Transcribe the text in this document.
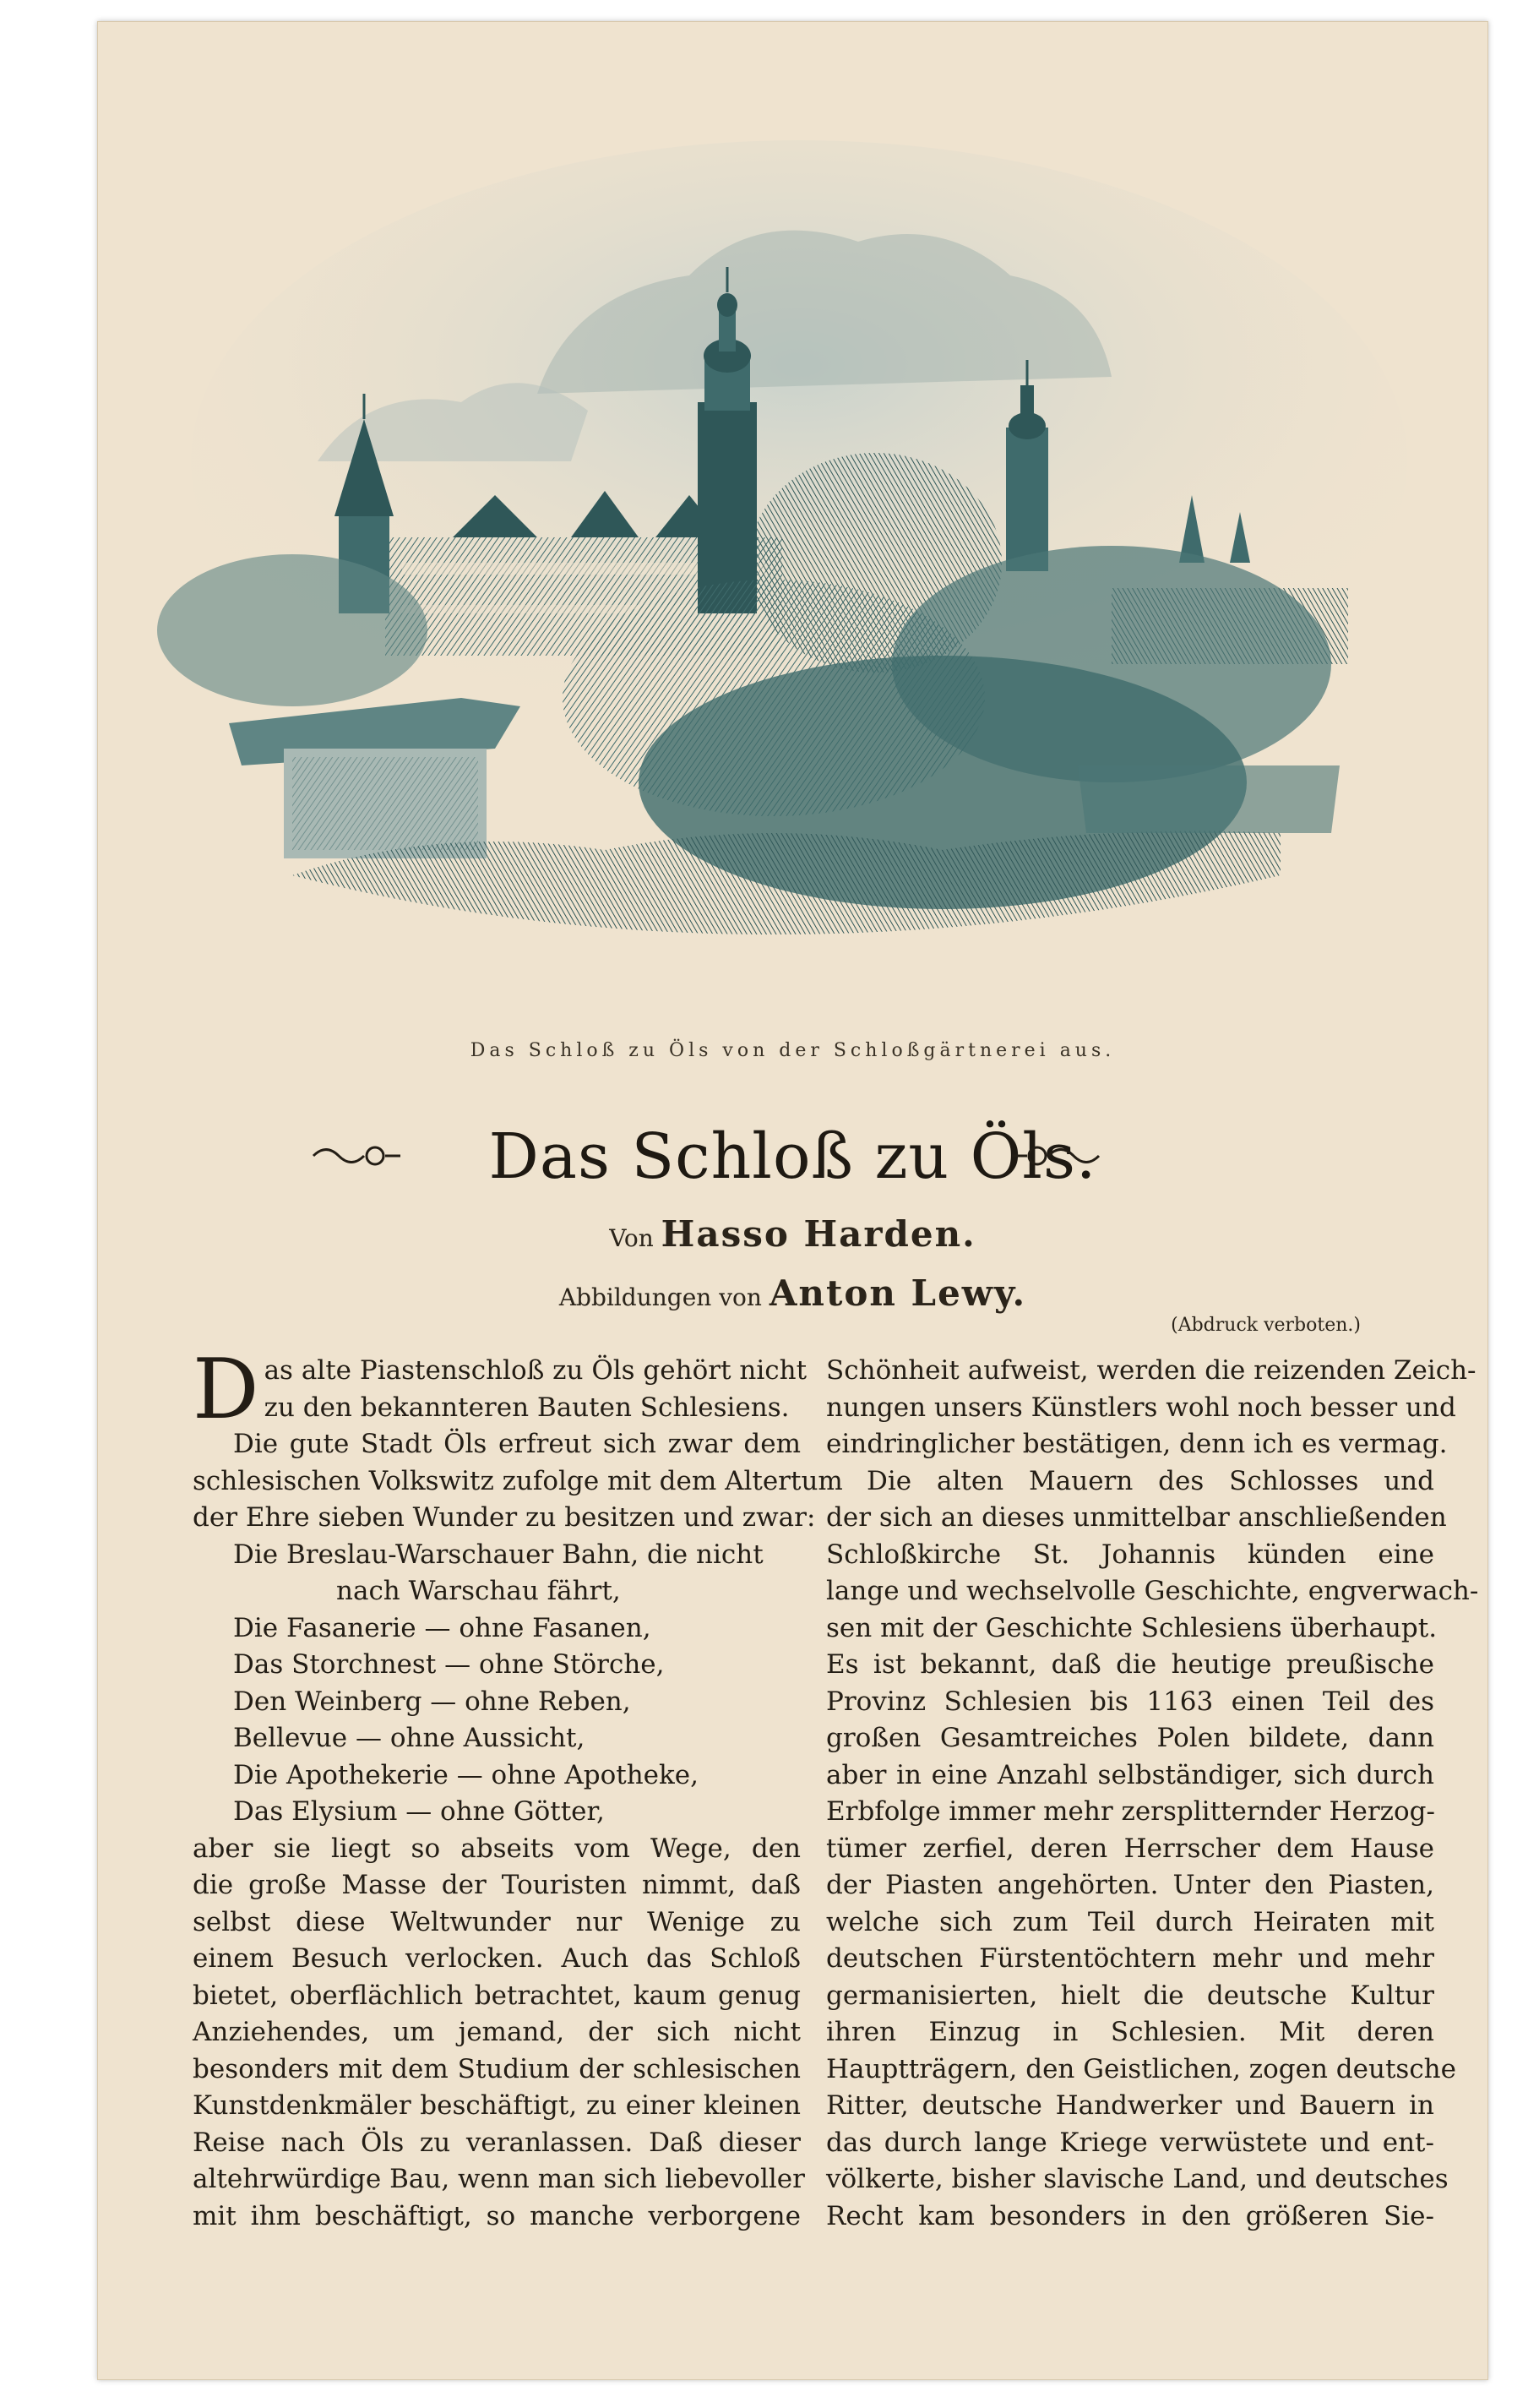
Das Schloß zu Öls von der Schloßgärtnerei aus.
Das Schloß zu Öls.
Von Hasso Harden.
Abbildungen von Anton Lewy.
(Abdruck verboten.)
D as alte Piastenschloß zu Öls gehört nicht
zu den bekannteren Bauten Schlesiens.
Die gute Stadt Öls erfreut sich zwar dem
schlesischen Volkswitz zufolge mit dem Altertum
der Ehre sieben Wunder zu besitzen und zwar:
Die Breslau-Warschauer Bahn, die nicht
nach Warschau fährt,
Die Fasanerie — ohne Fasanen,
Das Storchnest — ohne Störche,
Den Weinberg — ohne Reben,
Bellevue — ohne Aussicht,
Die Apothekerie — ohne Apotheke,
Das Elysium — ohne Götter,
aber sie liegt so abseits vom Wege, den
die große Masse der Touristen nimmt, daß
selbst diese Weltwunder nur Wenige zu
einem Besuch verlocken. Auch das Schloß
bietet, oberflächlich betrachtet, kaum genug
Anziehendes, um jemand, der sich nicht
besonders mit dem Studium der schlesischen
Kunstdenkmäler beschäftigt, zu einer kleinen
Reise nach Öls zu veranlassen. Daß dieser
altehrwürdige Bau, wenn man sich liebevoller
mit ihm beschäftigt, so manche verborgene
Schönheit aufweist, werden die reizenden Zeich-
nungen unsers Künstlers wohl noch besser und
eindringlicher bestätigen, denn ich es vermag.
Die alten Mauern des Schlosses und
der sich an dieses unmittelbar anschließenden
Schloßkirche St. Johannis künden eine
lange und wechselvolle Geschichte, engverwach-
sen mit der Geschichte Schlesiens überhaupt.
Es ist bekannt, daß die heutige preußische
Provinz Schlesien bis 1163 einen Teil des
großen Gesamtreiches Polen bildete, dann
aber in eine Anzahl selbständiger, sich durch
Erbfolge immer mehr zersplitternder Herzog-
tümer zerfiel, deren Herrscher dem Hause
der Piasten angehörten. Unter den Piasten,
welche sich zum Teil durch Heiraten mit
deutschen Fürstentöchtern mehr und mehr
germanisierten, hielt die deutsche Kultur
ihren Einzug in Schlesien. Mit deren
Hauptträgern, den Geistlichen, zogen deutsche
Ritter, deutsche Handwerker und Bauern in
das durch lange Kriege verwüstete und ent-
völkerte, bisher slavische Land, und deutsches
Recht kam besonders in den größeren Sie-
